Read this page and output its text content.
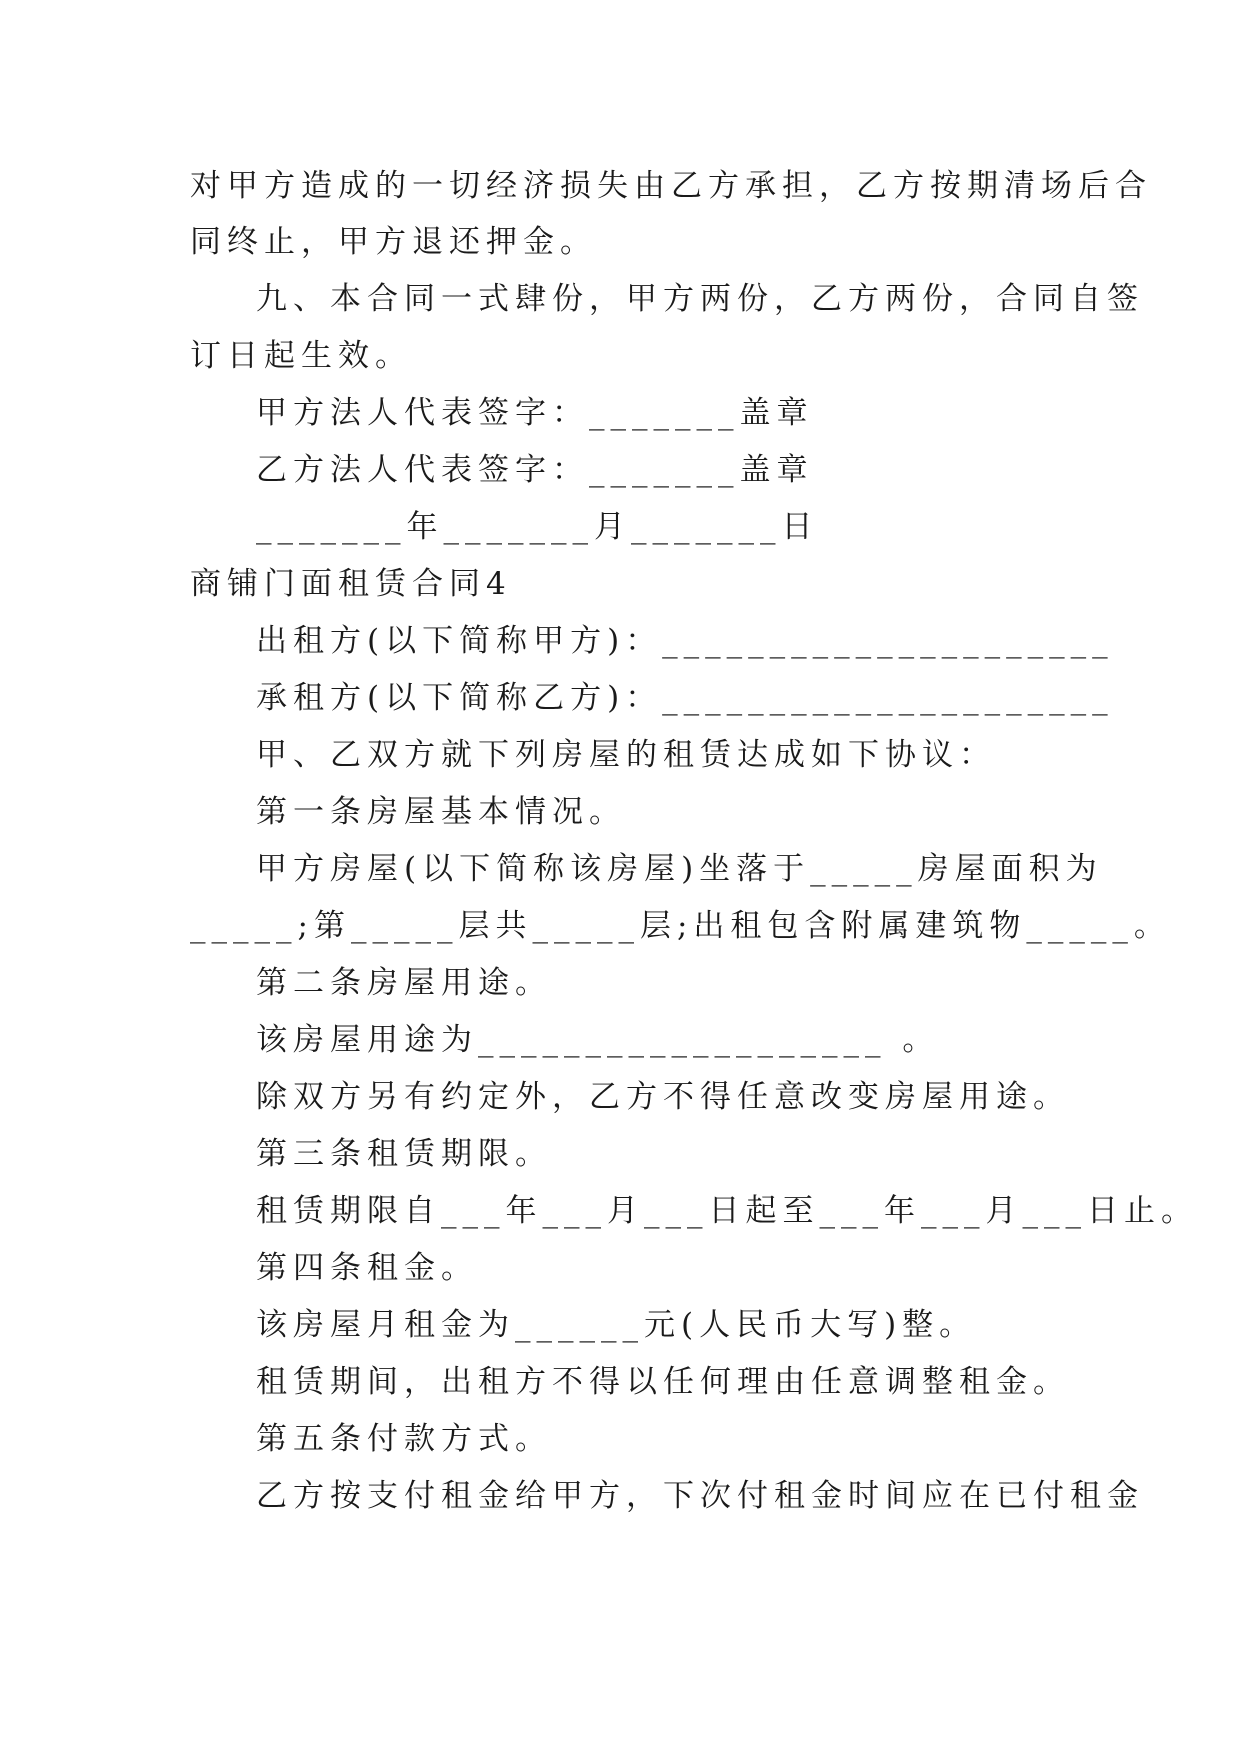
对甲方造成的一切经济损失由乙方承担，乙方按期清场后合

同终止，甲方退还押金。

九、本合同一式肆份，甲方两份，乙方两份，合同自签

订日起生效。

甲方法人代表签字：_______盖章

乙方法人代表签字：_______盖章

_______年_______月_______日

商铺门面租赁合同4

出租方(以下简称甲方)：_____________________

承租方(以下简称乙方)：_____________________

甲、乙双方就下列房屋的租赁达成如下协议：

第一条房屋基本情况。

甲方房屋(以下简称该房屋)坐落于_____房屋面积为

_____;第_____层共_____层;出租包含附属建筑物_____。

第二条房屋用途。

该房屋用途为___________________ 。

除双方另有约定外，乙方不得任意改变房屋用途。

第三条租赁期限。

租赁期限自___年___月___日起至___年___月___日止。

第四条租金。

该房屋月租金为______元(人民币大写)整。

租赁期间，出租方不得以任何理由任意调整租金。

第五条付款方式。

乙方按支付租金给甲方，下次付租金时间应在已付租金
